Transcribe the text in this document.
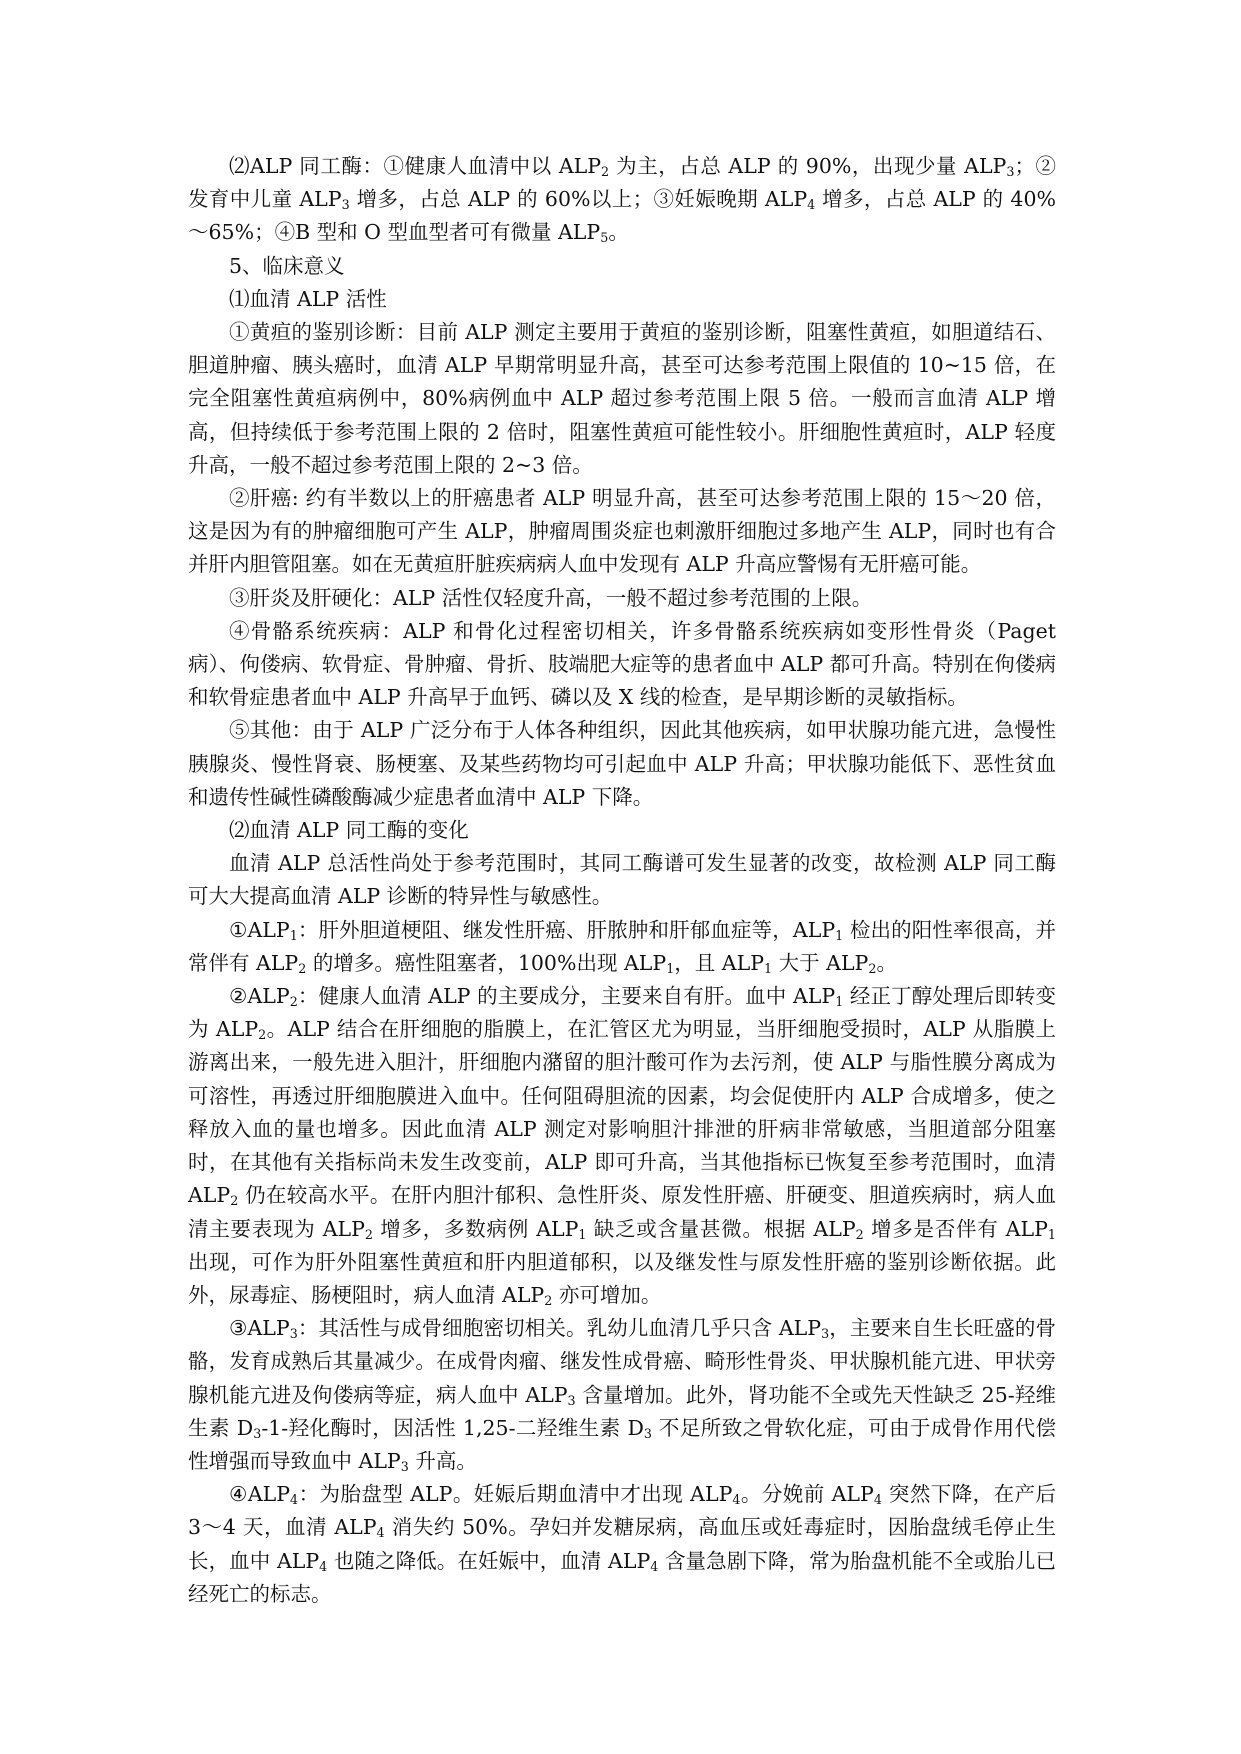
⑵ALP 同工酶：①健康人血清中以 $ALP_2$ 为主，占总 ALP 的 90%，出现少量 $ALP_3$；②发育中儿童 $ALP_3$ 增多，占总 ALP 的 60%以上；③妊娠晚期 $ALP_4$ 增多，占总 ALP 的 40%～65%；④B 型和 O 型血型者可有微量 $ALP_5$。

5、临床意义

⑴血清 ALP 活性

①黄疸的鉴别诊断：目前 ALP 测定主要用于黄疸的鉴别诊断，阻塞性黄疸，如胆道结石、胆道肿瘤、胰头癌时，血清 ALP 早期常明显升高，甚至可达参考范围上限值的 10~15 倍，在完全阻塞性黄疸病例中，80%病例血中 ALP 超过参考范围上限 5 倍。一般而言血清 ALP 增高，但持续低于参考范围上限的 2 倍时，阻塞性黄疸可能性较小。肝细胞性黄疸时，ALP 轻度升高，一般不超过参考范围上限的 2~3 倍。

②肝癌: 约有半数以上的肝癌患者 ALP 明显升高，甚至可达参考范围上限的 15～20 倍，这是因为有的肿瘤细胞可产生 ALP，肿瘤周围炎症也刺激肝细胞过多地产生 ALP，同时也有合并肝内胆管阻塞。如在无黄疸肝脏疾病病人血中发现有 ALP 升高应警惕有无肝癌可能。

③肝炎及肝硬化：ALP 活性仅轻度升高，一般不超过参考范围的上限。

④骨骼系统疾病：ALP 和骨化过程密切相关，许多骨骼系统疾病如变形性骨炎（Paget 病）、佝偻病、软骨症、骨肿瘤、骨折、肢端肥大症等的患者血中 ALP 都可升高。特别在佝偻病和软骨症患者血中 ALP 升高早于血钙、磷以及 X 线的检查，是早期诊断的灵敏指标。

⑤其他：由于 ALP 广泛分布于人体各种组织，因此其他疾病，如甲状腺功能亢进，急慢性胰腺炎、慢性肾衰、肠梗塞、及某些药物均可引起血中 ALP 升高；甲状腺功能低下、恶性贫血和遗传性碱性磷酸酶减少症患者血清中 ALP 下降。

⑵血清 ALP 同工酶的变化

血清 ALP 总活性尚处于参考范围时，其同工酶谱可发生显著的改变，故检测 ALP 同工酶可大大提高血清 ALP 诊断的特异性与敏感性。

$①ALP_1$：肝外胆道梗阻、继发性肝癌、肝脓肿和肝郁血症等，$ALP_1$ 检出的阳性率很高，并常伴有 $ALP_2$ 的增多。癌性阻塞者，100%出现 $ALP_1$，且 $ALP_1$ 大于 $ALP_2$。

$②ALP_2$：健康人血清 ALP 的主要成分，主要来自有肝。血中 $ALP_1$ 经正丁醇处理后即转变为 $ALP_2$。ALP 结合在肝细胞的脂膜上，在汇管区尤为明显，当肝细胞受损时，ALP 从脂膜上游离出来，一般先进入胆汁，肝细胞内潴留的胆汁酸可作为去污剂，使 ALP 与脂性膜分离成为可溶性，再透过肝细胞膜进入血中。任何阻碍胆流的因素，均会促使肝内 ALP 合成增多，使之释放入血的量也增多。因此血清 ALP 测定对影响胆汁排泄的肝病非常敏感，当胆道部分阻塞时，在其他有关指标尚未发生改变前，ALP 即可升高，当其他指标已恢复至参考范围时，血清 $ALP_2$ 仍在较高水平。在肝内胆汁郁积、急性肝炎、原发性肝癌、肝硬变、胆道疾病时，病人血清主要表现为 $ALP_2$ 增多，多数病例 $ALP_1$ 缺乏或含量甚微。根据 $ALP_2$ 增多是否伴有 $ALP_1$ 出现，可作为肝外阻塞性黄疸和肝内胆道郁积，以及继发性与原发性肝癌的鉴别诊断依据。此外，尿毒症、肠梗阻时，病人血清 $ALP_2$ 亦可增加。

$③ALP_3$：其活性与成骨细胞密切相关。乳幼儿血清几乎只含 $ALP_3$，主要来自生长旺盛的骨骼，发育成熟后其量减少。在成骨肉瘤、继发性成骨癌、畸形性骨炎、甲状腺机能亢进、甲状旁腺机能亢进及佝偻病等症，病人血中 $ALP_3$ 含量增加。此外，肾功能不全或先天性缺乏 25-羟维生素 $D_3-1-$羟化酶时，因活性 1,25-二羟维生素 $D_3$ 不足所致之骨软化症，可由于成骨作用代偿性增强而导致血中 $ALP_3$ 升高。

$④ALP_4$：为胎盘型 ALP。妊娠后期血清中才出现 $ALP_4$。分娩前 $ALP_4$ 突然下降，在产后 3～4 天，血清 $ALP_4$ 消失约 50%。孕妇并发糖尿病，高血压或妊毒症时，因胎盘绒毛停止生长，血中 $ALP_4$ 也随之降低。在妊娠中，血清 $ALP_4$ 含量急剧下降，常为胎盘机能不全或胎儿已经死亡的标志。
